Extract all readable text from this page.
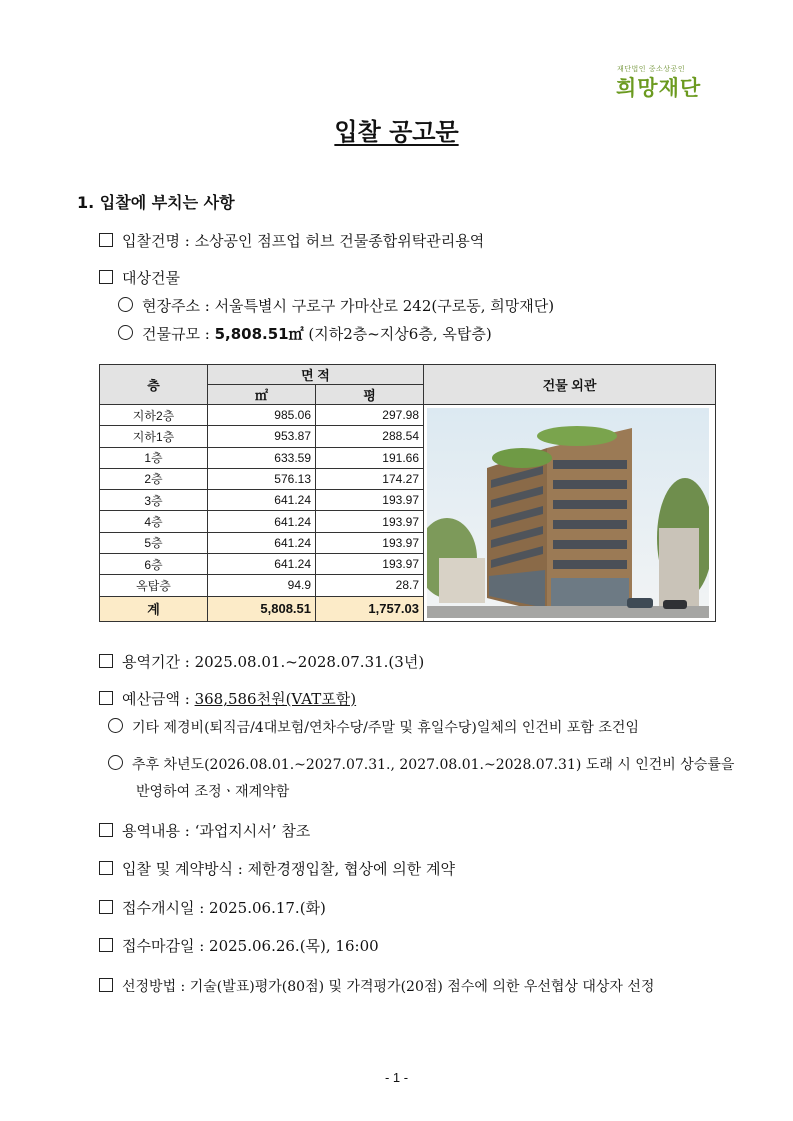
재단법인 중소상공인
희망재단
입찰 공고문
1. 입찰에 부치는 사항
입찰건명 : 소상공인 점프업 허브 건물종합위탁관리용역
대상건물
현장주소 : 서울특별시 구로구 가마산로 242(구로동, 희망재단)
건물규모 : 5,808.51㎡ (지하2층~지상6층, 옥탑층)
층	면 적		건물 외관
	㎡	평	
지하2층	985.06	297.98	

지하1층	953.87	288.54	
1층	633.59	191.66	
2층	576.13	174.27	
3층	641.24	193.97	
4층	641.24	193.97	
5층	641.24	193.97	
6층	641.24	193.97	
옥탑층	94.9	28.7	
계	5,808.51	1,757.03	
용역기간 : 2025.08.01.~2028.07.31.(3년)
예산금액 : 368,586천원(VAT포함)
기타 제경비(퇴직금/4대보험/연차수당/주말 및 휴일수당)일체의 인건비 포함 조건임
추후 차년도(2026.08.01.~2027.07.31., 2027.08.01.~2028.07.31) 도래 시 인건비 상승률을
반영하여 조정ㆍ재계약함
용역내용 : ‘과업지시서’ 참조
입찰 및 계약방식 : 제한경쟁입찰, 협상에 의한 계약
접수개시일 : 2025.06.17.(화)
접수마감일 : 2025.06.26.(목), 16:00
선정방법 : 기술(발표)평가(80점) 및 가격평가(20점) 점수에 의한 우선협상 대상자 선정
- 1 -
